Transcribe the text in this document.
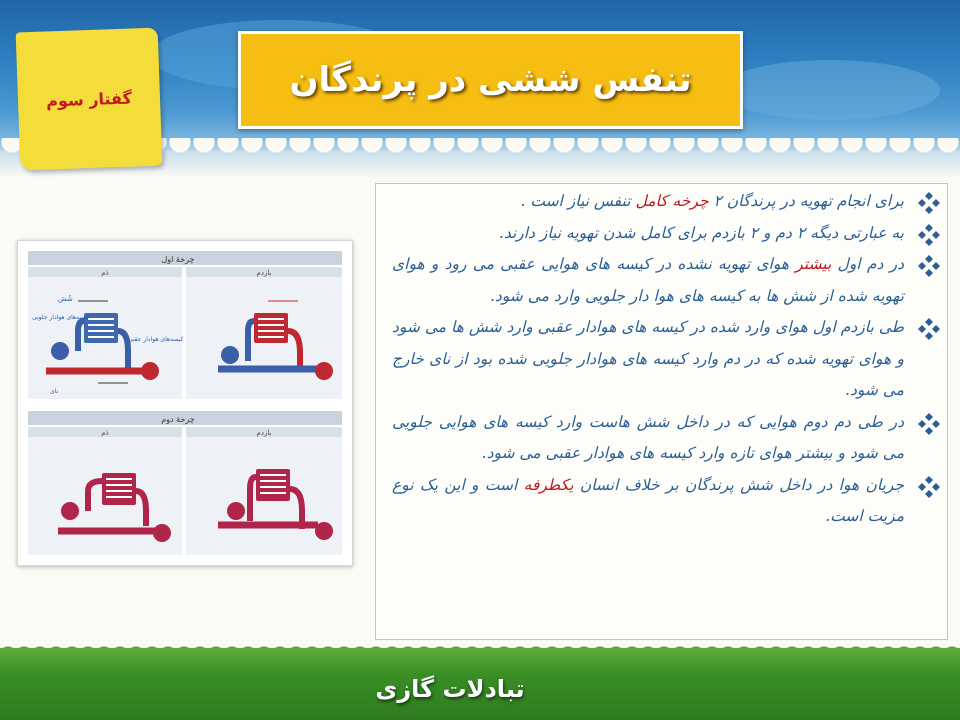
گفتار سوم	تنفس ششی در پرندگان
چرخهٔ اول
دَم	بازدم
شُش
کیسه‌های هوادار جلویی
کیسه‌های هوادار عقبی
نای
چرخهٔ دوم
دَم	بازدم
برای انجام تهویه در پرندگان ۲ چرخه کامل تنفس نیاز است .
به عبارتی دیگه ۲ دم و ۲ بازدم برای کامل شدن تهویه نیاز دارند.
در دم اول بیشتر هوای تهویه نشده در کیسه های هوایی عقبی می رود و هوای تهویه شده از شش ها به کیسه های هوا دار جلویی وارد می شود.
طی بازدم اول هوای وارد شده در کیسه های هوادار عقبی وارد شش ها می شود و هوای تهویه شده که در دم وارد کیسه های هوادار جلویی شده بود از نای خارج می شود.
در طی دم دوم هوایی که در داخل شش هاست وارد کیسه های هوایی جلویی می شود و بیشتر هوای تازه وارد کیسه های هوادار عقبی می شود.
جریان هوا در داخل شش پرندگان بر خلاف انسان یکطرفه است و این یک نوع مزیت است.
تبادلات گازی
